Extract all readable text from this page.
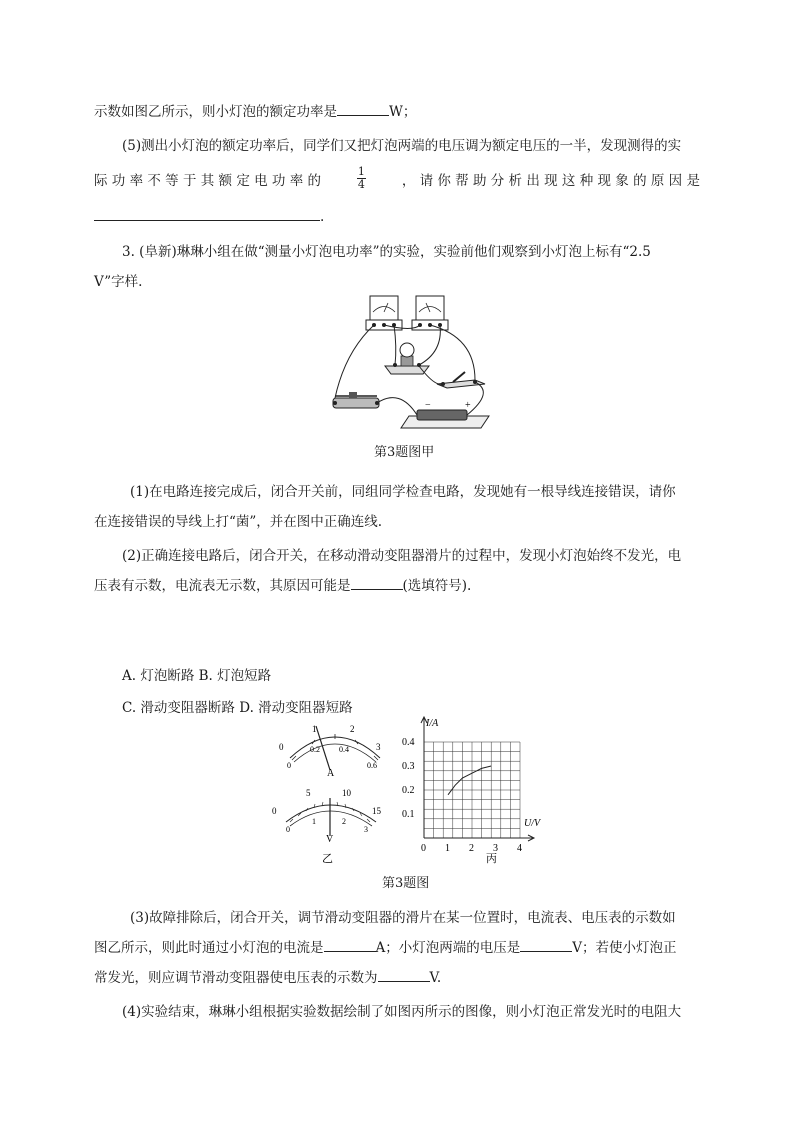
示数如图乙所示，则小灯泡的额定功率是	W；
(5)测出小灯泡的额定功率后，同学们又把灯泡两端的电压调为额定电压的一半，发现测得的实
际 功 率 不 等 于 其 额 定 电 功 率 的	$\frac{1}{4}$	， 请 你 帮 助 分 析 出 现 这 种 现 象 的 原 因 是
.
3. (阜新)琳琳小组在做“测量小灯泡电功率”的实验，实验前他们观察到小灯泡上标有“2.5
V”字样.
−	+
第3题图甲
(1)在电路连接完成后，闭合开关前，同组同学检查电路，发现她有一根导线连接错误，请你
在连接错误的导线上打“菌”，并在图中正确连线.
(2)正确连接电路后，闭合开关，在移动滑动变阻器滑片的过程中，发现小灯泡始终不发光，电
压表有示数，电流表无示数，其原因可能是	(选填符号).
A. 灯泡断路 B. 灯泡短路
C. 滑动变阻器断路 D. 滑动变阻器短路
1	2
0	3
0
0.2 0.4
0.6
A
5	10
0	15
0
1	2
3
V
乙
0 1 2 3 4
0.1
0.2
0.3
0.4
I/A
U/V
丙
第3题图
(3)故障排除后，闭合开关，调节滑动变阻器的滑片在某一位置时，电流表、电压表的示数如
图乙所示，则此时通过小灯泡的电流是	A；小灯泡两端的电压是	V；若使小灯泡正
常发光，则应调节滑动变阻器使电压表的示数为	V.
(4)实验结束，琳琳小组根据实验数据绘制了如图丙所示的图像，则小灯泡正常发光时的电阻大
